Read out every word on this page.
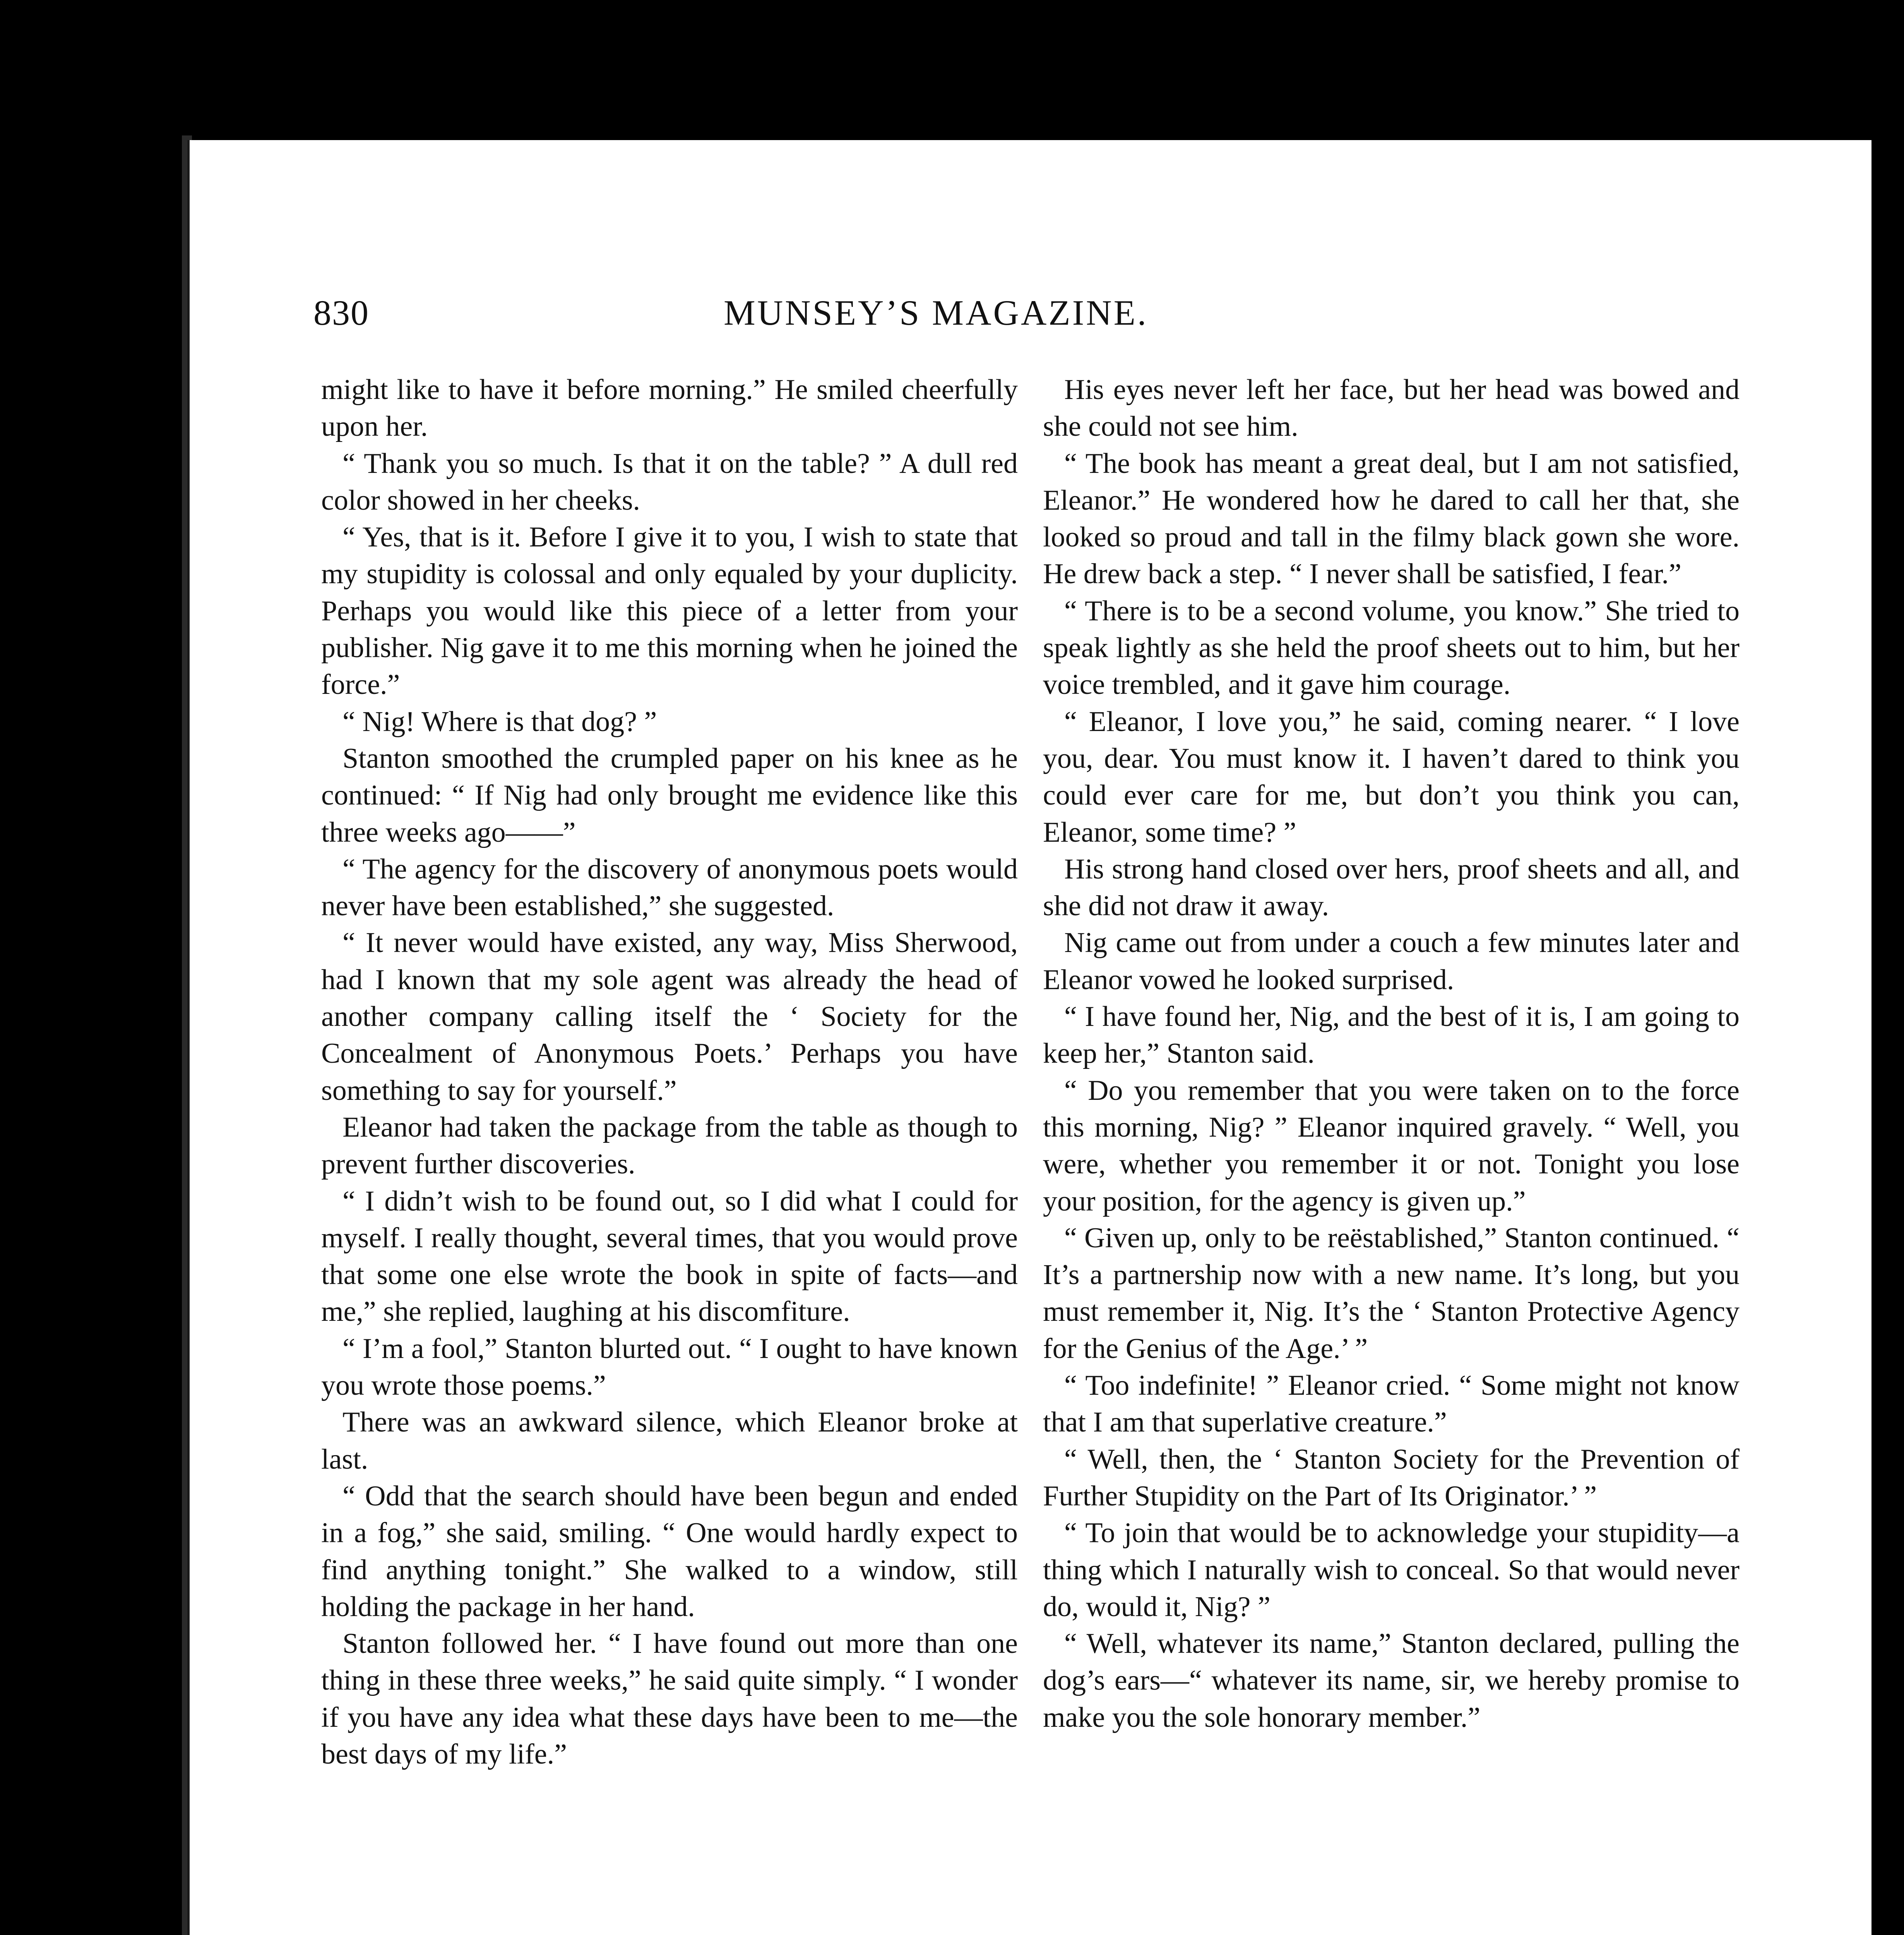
830	MUNSEY’S MAGAZINE.

might like to have it before morning.” He smiled cheerfully upon her.

“ Thank you so much. Is that it on the table? ” A dull red color showed in her cheeks.

“ Yes, that is it. Before I give it to you, I wish to state that my stupidity is colossal and only equaled by your duplicity. Perhaps you would like this piece of a letter from your publisher. Nig gave it to me this morning when he joined the force.”

“ Nig! Where is that dog? ”

Stanton smoothed the crumpled paper on his knee as he continued: “ If Nig had only brought me evidence like this three weeks ago——”

“ The agency for the discovery of anonymous poets would never have been established,” she suggested.

“ It never would have existed, any way, Miss Sherwood, had I known that my sole agent was already the head of another company calling itself the ‘ Society for the Concealment of Anonymous Poets.’ Perhaps you have something to say for yourself.”

Eleanor had taken the package from the table as though to prevent further discoveries.

“ I didn’t wish to be found out, so I did what I could for myself. I really thought, several times, that you would prove that some one else wrote the book in spite of facts—and me,” she replied, laughing at his discomfiture.

“ I’m a fool,” Stanton blurted out. “ I ought to have known you wrote those poems.”

There was an awkward silence, which Eleanor broke at last.

“ Odd that the search should have been begun and ended in a fog,” she said, smiling. “ One would hardly expect to find anything tonight.” She walked to a window, still holding the package in her hand.

Stanton followed her. “ I have found out more than one thing in these three weeks,” he said quite simply. “ I wonder if you have any idea what these days have been to me—the best days of my life.”

His eyes never left her face, but her head was bowed and she could not see him.

“ The book has meant a great deal, but I am not satisfied, Eleanor.” He wondered how he dared to call her that, she looked so proud and tall in the filmy black gown she wore. He drew back a step. “ I never shall be satisfied, I fear.”

“ There is to be a second volume, you know.” She tried to speak lightly as she held the proof sheets out to him, but her voice trembled, and it gave him courage.

“ Eleanor, I love you,” he said, coming nearer. “ I love you, dear. You must know it. I haven’t dared to think you could ever care for me, but don’t you think you can, Eleanor, some time? ”

His strong hand closed over hers, proof sheets and all, and she did not draw it away.

Nig came out from under a couch a few minutes later and Eleanor vowed he looked surprised.

“ I have found her, Nig, and the best of it is, I am going to keep her,” Stanton said.

“ Do you remember that you were taken on to the force this morning, Nig? ” Eleanor inquired gravely. “ Well, you were, whether you remember it or not. Tonight you lose your position, for the agency is given up.”

“ Given up, only to be reëstablished,” Stanton continued. “ It’s a partnership now with a new name. It’s long, but you must remember it, Nig. It’s the ‘ Stanton Protective Agency for the Genius of the Age.’ ”

“ Too indefinite! ” Eleanor cried. “ Some might not know that I am that superlative creature.”

“ Well, then, the ‘ Stanton Society for the Prevention of Further Stupidity on the Part of Its Originator.’ ”

“ To join that would be to acknowledge your stupidity—a thing which I naturally wish to conceal. So that would never do, would it, Nig? ”

“ Well, whatever its name,” Stanton declared, pulling the dog’s ears—“ whatever its name, sir, we hereby promise to make you the sole honorary member.”
